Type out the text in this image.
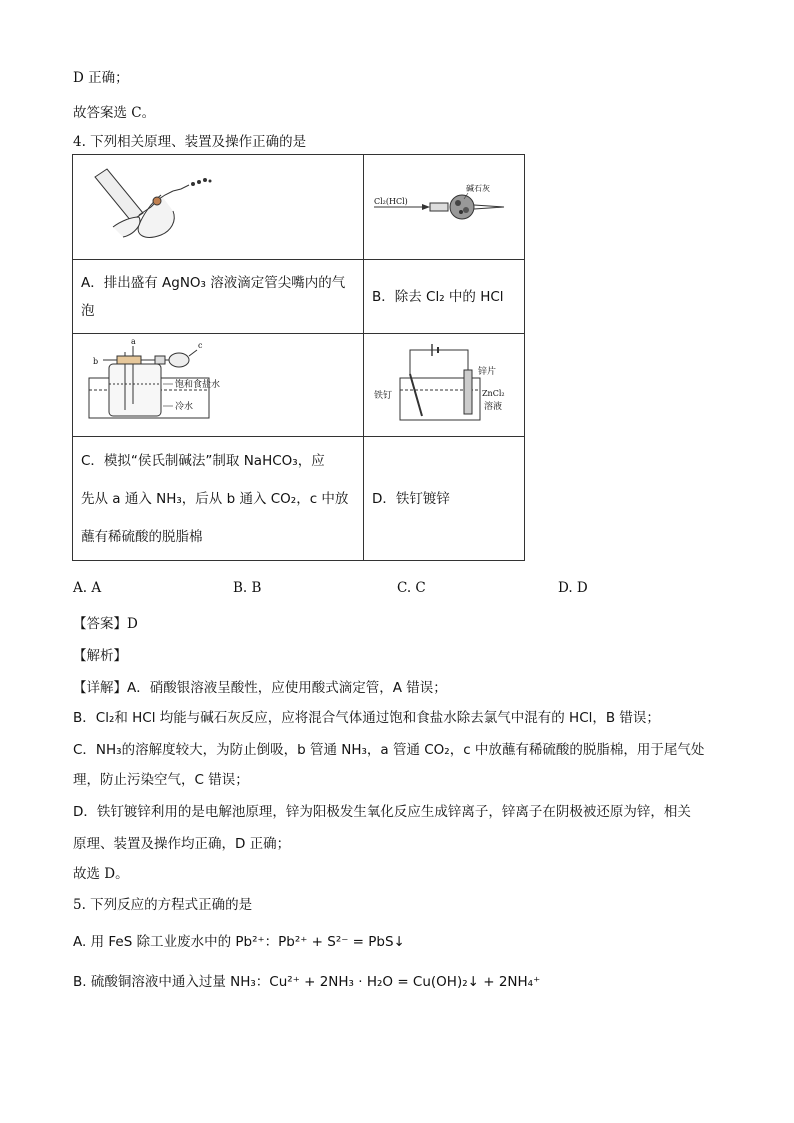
D 正确；
故答案选 C。
4. 下列相关原理、装置及操作正确的是

Cl₂(HCl)
碱石灰

A．排出盛有 AgNO₃ 溶液滴定管尖嘴内的气
泡	B．除去 Cl₂ 中的 HCl

b
a c
饱和食盐水
冷水	锌片
铁钉 ZnCl₂
溶液

C．模拟“侯氏制碱法”制取 NaHCO₃，应
先从 a 通入 NH₃，后从 b 通入 CO₂，c 中放
蘸有稀硫酸的脱脂棉	D．铁钉镀锌
A. A	B. B	C. C	D. D
【答案】D
【解析】
【详解】A．硝酸银溶液呈酸性，应使用酸式滴定管，A 错误；
B．Cl₂和 HCl 均能与碱石灰反应，应将混合气体通过饱和食盐水除去氯气中混有的 HCl，B 错误；
C．NH₃的溶解度较大，为防止倒吸，b 管通 NH₃，a 管通 CO₂，c 中放蘸有稀硫酸的脱脂棉，用于尾气处
理，防止污染空气，C 错误；
D．铁钉镀锌利用的是电解池原理，锌为阳极发生氧化反应生成锌离子，锌离子在阴极被还原为锌，相关
原理、装置及操作均正确，D 正确；
故选 D。
5. 下列反应的方程式正确的是
A. 用 FeS 除工业废水中的 Pb²⁺：Pb²⁺ + S²⁻ = PbS↓
B. 硫酸铜溶液中通入过量 NH₃：Cu²⁺ + 2NH₃ · H₂O = Cu(OH)₂↓ + 2NH₄⁺
